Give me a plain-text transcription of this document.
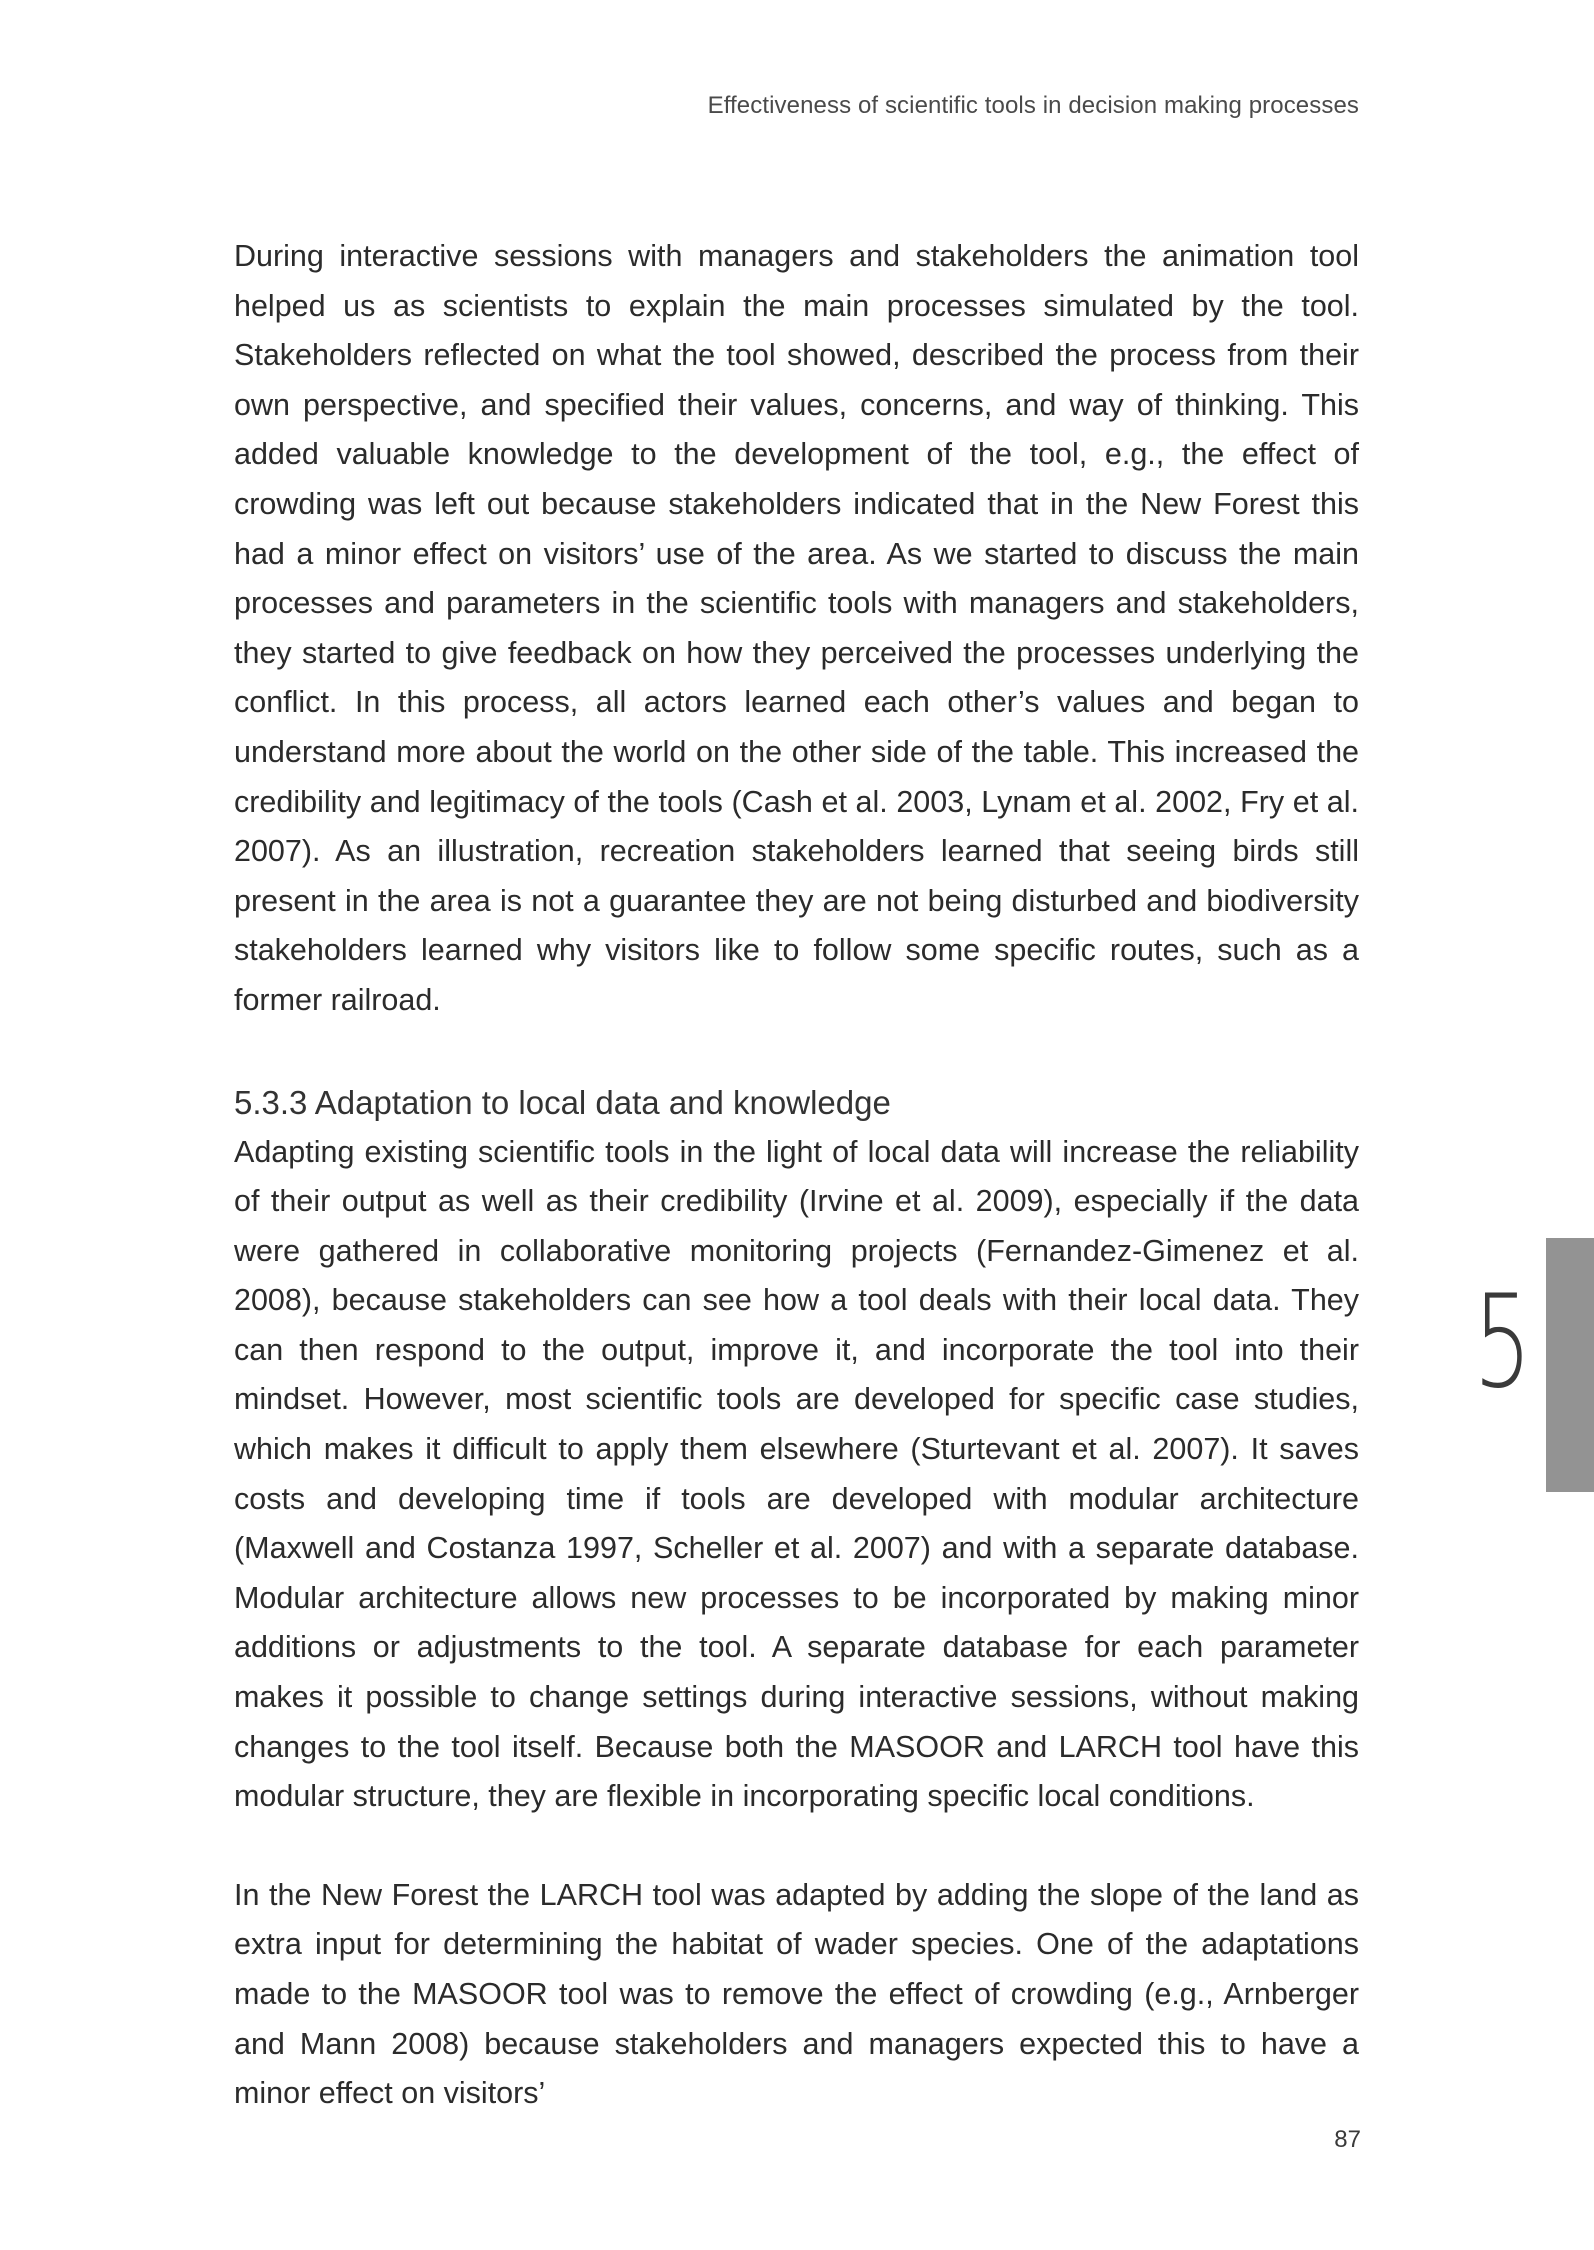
Effectiveness of scientific tools in decision making processes

During interactive sessions with managers and stakeholders the animation tool helped us as scientists to explain the main processes simulated by the tool. Stakeholders reflected on what the tool showed, described the process from their own perspective, and specified their values, concerns, and way of thinking. This added valuable knowledge to the development of the tool, e.g., the effect of crowding was left out because stakeholders indicated that in the New Forest this had a minor effect on visitors’ use of the area. As we started to discuss the main processes and parameters in the scientific tools with managers and stakeholders, they started to give feedback on how they perceived the processes underlying the conflict. In this process, all actors learned each other’s values and began to understand more about the world on the other side of the table. This increased the credibility and legitimacy of the tools (Cash et al. 2003, Lynam et al. 2002, Fry et al. 2007). As an illustration, recreation stakeholders learned that seeing birds still present in the area is not a guarantee they are not being disturbed and biodiversity stakeholders learned why visitors like to follow some specific routes, such as a former railroad.

5.3.3 Adaptation to local data and knowledge

Adapting existing scientific tools in the light of local data will increase the reliability of their output as well as their credibility (Irvine et al. 2009), especially if the data were gathered in collaborative monitoring projects (Fernandez-Gimenez et al. 2008), because stakeholders can see how a tool deals with their local data. They can then respond to the output, improve it, and incorporate the tool into their mindset. However, most scientific tools are developed for specific case studies, which makes it difficult to apply them elsewhere (Sturtevant et al. 2007). It saves costs and developing time if tools are developed with modular architecture (Maxwell and Costanza 1997, Scheller et al. 2007) and with a separate database. Modular architecture allows new processes to be incorporated by making minor additions or adjustments to the tool. A separate database for each parameter makes it possible to change settings during interactive sessions, without making changes to the tool itself. Because both the MASOOR and LARCH tool have this modular structure, they are flexible in incorporating specific local conditions.

In the New Forest the LARCH tool was adapted by adding the slope of the land as extra input for determining the habitat of wader species. One of the adaptations made to the MASOOR tool was to remove the effect of crowding (e.g., Arnberger and Mann 2008) because stakeholders and managers expected this to have a minor effect on visitors’

5
87
